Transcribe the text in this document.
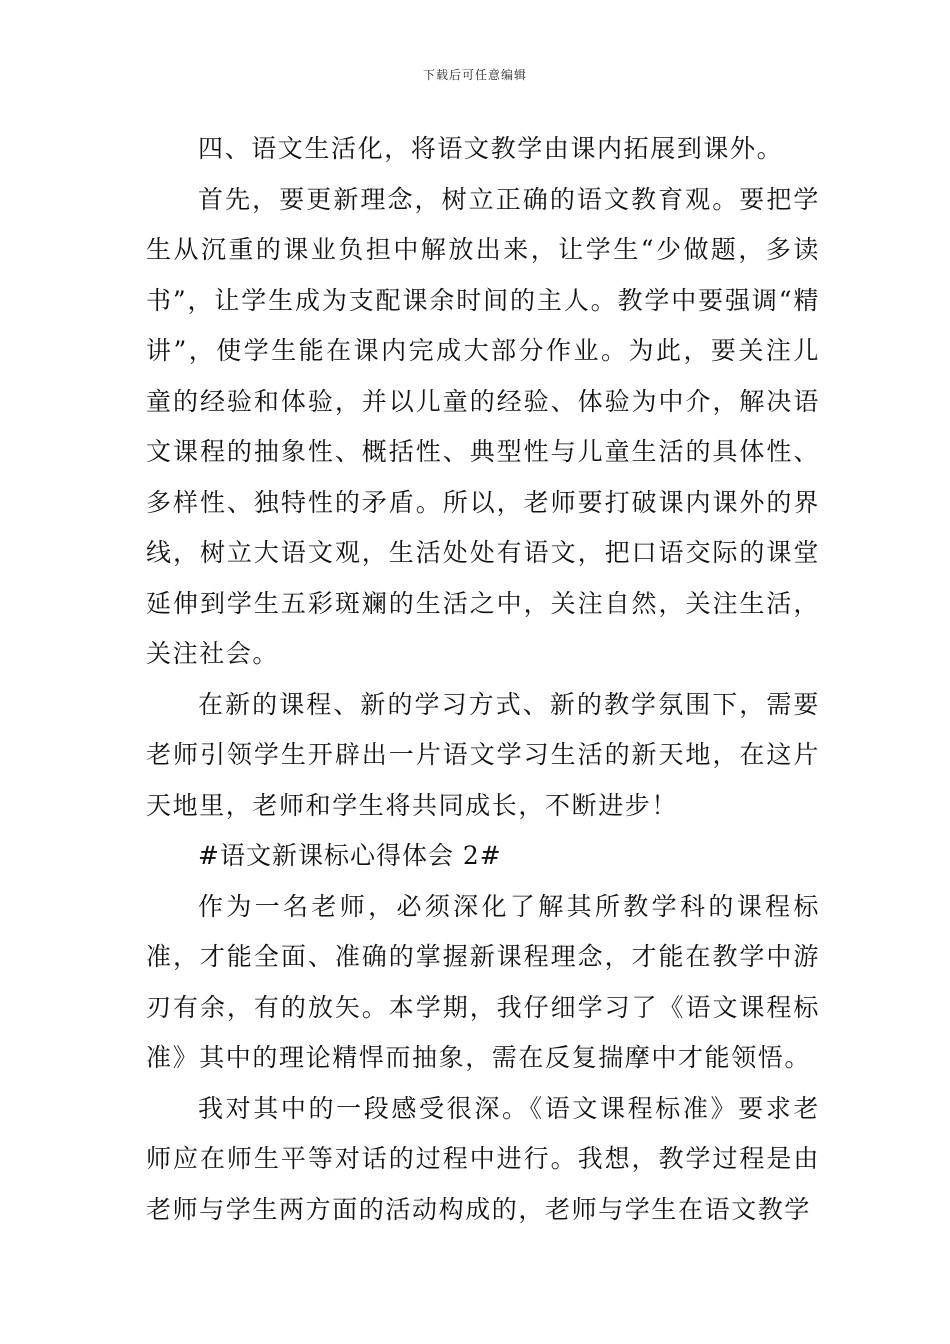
下载后可任意编辑

四、语文生活化，将语文教学由课内拓展到课外。

首先，要更新理念，树立正确的语文教育观。要把学生从沉重的课业负担中解放出来，让学生“少做题，多读书”，让学生成为支配课余时间的主人。教学中要强调“精讲”，使学生能在课内完成大部分作业。为此，要关注儿童的经验和体验，并以儿童的经验、体验为中介，解决语文课程的抽象性、概括性、典型性与儿童生活的具体性、多样性、独特性的矛盾。所以，老师要打破课内课外的界线，树立大语文观，生活处处有语文，把口语交际的课堂延伸到学生五彩斑斓的生活之中，关注自然，关注生活，关注社会。

在新的课程、新的学习方式、新的教学氛围下，需要老师引领学生开辟出一片语文学习生活的新天地，在这片天地里，老师和学生将共同成长，不断进步！

#语文新课标心得体会 2#

作为一名老师，必须深化了解其所教学科的课程标准，才能全面、准确的掌握新课程理念，才能在教学中游刃有余，有的放矢。本学期，我仔细学习了《语文课程标准》其中的理论精悍而抽象，需在反复揣摩中才能领悟。

我对其中的一段感受很深。《语文课程标准》要求老师应在师生平等对话的过程中进行。我想，教学过程是由老师与学生两方面的活动构成的，老师与学生在语文教学
